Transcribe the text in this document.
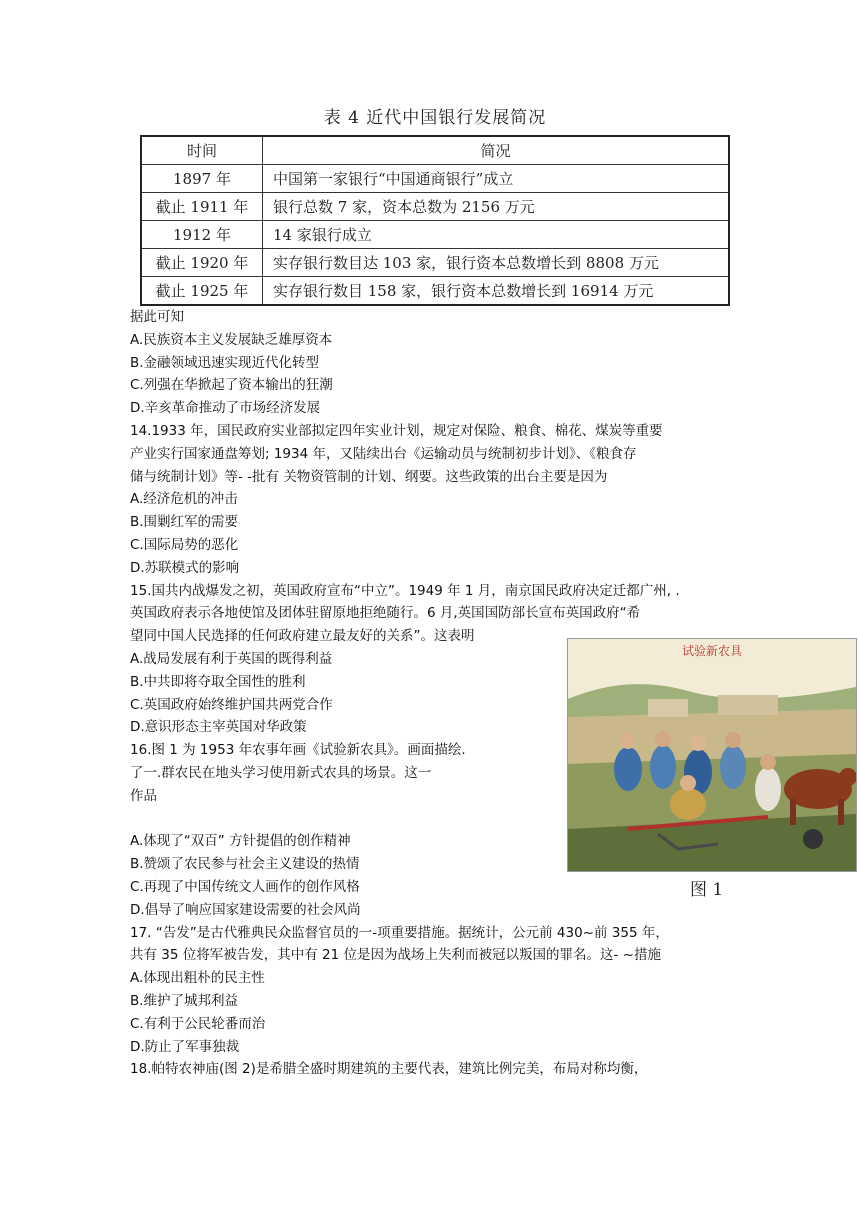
表 4 近代中国银行发展简况
时间	简况
1897 年	中国第一家银行“中国通商银行”成立
截止 1911 年	银行总数 7 家，资本总数为 2156 万元
1912 年	14 家银行成立
截止 1920 年	实存银行数目达 103 家，银行资本总数增长到 8808 万元
截止 1925 年	实存银行数目 158 家，银行资本总数增长到 16914 万元
据此可知
A.民族资本主义发展缺乏雄厚资本
B.金融领域迅速实现近代化转型
C.列强在华掀起了资本输出的狂潮
D.辛亥革命推动了市场经济发展
14.1933 年，国民政府实业部拟定四年实业计划，规定对保险、粮食、棉花、煤炭等重要
产业实行国家通盘筹划; 1934 年，又陆续出台《运输动员与统制初步计划》、《粮食存
储与统制计划》等- -批有 关物资管制的计划、纲要。这些政策的出台主要是因为
A.经济危机的冲击
B.围剿红军的需要
C.国际局势的恶化
D.苏联模式的影响
15.国共内战爆发之初，英国政府宣布“中立”。1949 年 1 月，南京国民政府决定迁都广州, .
英国政府表示各地使馆及团体驻留原地拒绝随行。6 月,英国国防部长宣布英国政府“希
望同中国人民选择的任何政府建立最友好的关系”。这表明
A.战局发展有利于英国的既得利益
B.中共即将夺取全国性的胜利
C.英国政府始终维护国共两党合作
D.意识形态主宰英国对华政策
16.图 1 为 1953 年农事年画《试验新农具》。画面描绘.
了一.群农民在地头学习使用新式农具的场景。这一
作品
A.体现了“双百” 方针提倡的创作精神
B.赞颂了农民参与社会主义建设的热情
C.再现了中国传统文人画作的创作风格
D.倡导了响应国家建设需要的社会风尚
17. “告发”是古代雅典民众监督官员的一-项重要措施。据统计，公元前 430~前 355 年，
共有 35 位将军被告发，其中有 21 位是因为战场上失利而被冠以叛国的罪名。这- ~措施
A.体现出粗朴的民主性
B.维护了城邦利益
C.有利于公民轮番而治
D.防止了军事独裁
18.帕特农神庙(图 2)是希腊全盛时期建筑的主要代表，建筑比例完美，布局对称均衡，
试验新农具
图 1
